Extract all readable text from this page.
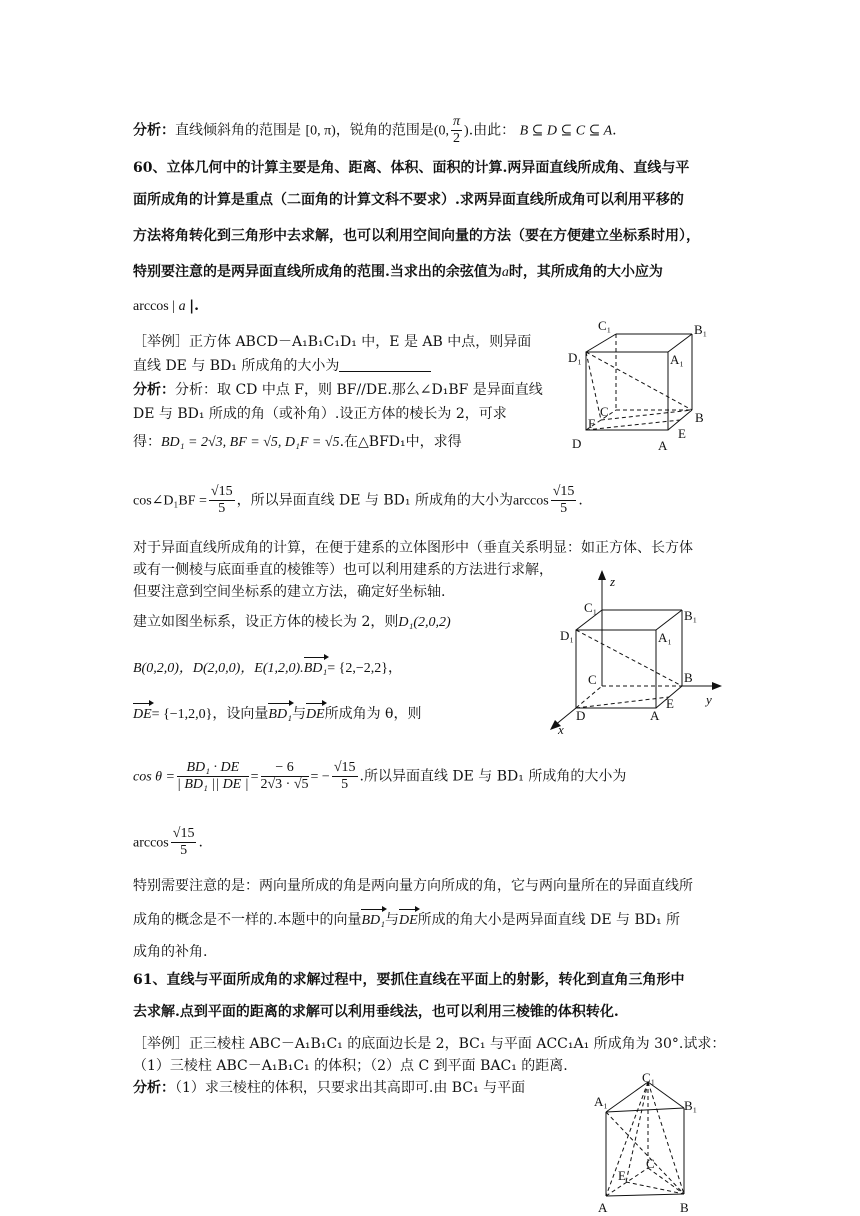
分析：直线倾斜角的范围是 [0, π)，锐角的范围是(0, $\frac{\pi}{2}$ ).由此： B ⊆ D ⊆ C ⊆ A.
60、立体几何中的计算主要是角、距离、体积、面积的计算.两异面直线所成角、直线与平
面所成角的计算是重点（二面角的计算文科不要求）.求两异面直线所成角可以利用平移的
方法将角转化到三角形中去求解，也可以利用空间向量的方法（要在方便建立坐标系时用），
特别要注意的是两异面直线所成角的范围.当求出的余弦值为a时，其所成角的大小应为
arccos | a |.
［举例］正方体 ABCD－A₁B₁C₁D₁ 中，E 是 AB 中点，则异面
直线 DE 与 BD₁ 所成角的大小为
分析：分析：取 CD 中点 F，则 BF//DE.那么∠D₁BF 是异面直线
DE 与 BD₁ 所成的角（或补角）.设正方体的棱长为 2，可求
得：BD₁ = 2√3, BF = √5, D₁F = √5.在△BFD₁中，求得
cos∠D₁BF = $\frac{√15}{5}$ ，所以异面直线 DE 与 BD₁ 所成角的大小为$\arccos \frac{√15}{5}$ .
对于异面直线所成角的计算，在便于建系的立体图形中（垂直关系明显：如正方体、长方体
或有一侧棱与底面垂直的棱锥等）也可以利用建系的方法进行求解，
但要注意到空间坐标系的建立方法，确定好坐标轴.
建立如图坐标系，设正方体的棱长为 2，则D₁(2,0,2)
B(0,2,0)，D(2,0,0)，E(1,2,0).BD₁= {2,−2,2}，
DE= {−1,2,0}，设向量BD₁与DE所成角为 θ，则
$\cos \theta = \frac{\text{BD₁ · DE}}{\text{| BD₁ || DE |}} = \frac{- 6}{2√3 \cdot √5}$ = − $\frac{√15}{5}$ .所以异面直线 DE 与 BD₁ 所成角的大小为
$\arccos \frac{√15}{5}$ .
特别需要注意的是：两向量所成的角是两向量方向所成的角，它与两向量所在的异面直线所
成角的概念是不一样的.本题中的向量BD₁与DE所成的角大小是两异面直线 DE 与 BD₁ 所
成角的补角.
61、直线与平面所成角的求解过程中，要抓住直线在平面上的射影，转化到直角三角形中
去求解.点到平面的距离的求解可以利用垂线法，也可以利用三棱锥的体积转化.
［举例］正三棱柱 ABC－A₁B₁C₁ 的底面边长是 2，BC₁ 与平面 ACC₁A₁ 所成角为 30°.试求：
（1）三棱柱 ABC－A₁B₁C₁ 的体积；（2）点 C 到平面 BAC₁ 的距离.
分析：（1）求三棱柱的体积，只要求出其高即可.由 BC₁ 与平面
C₁	B₁
D₁	A₁
C
F	B
E
D	A
z
C₁
B₁
D₁	A₁
C	B
E y
D	A
x
C₁
A₁	B₁
E
C
A	B
